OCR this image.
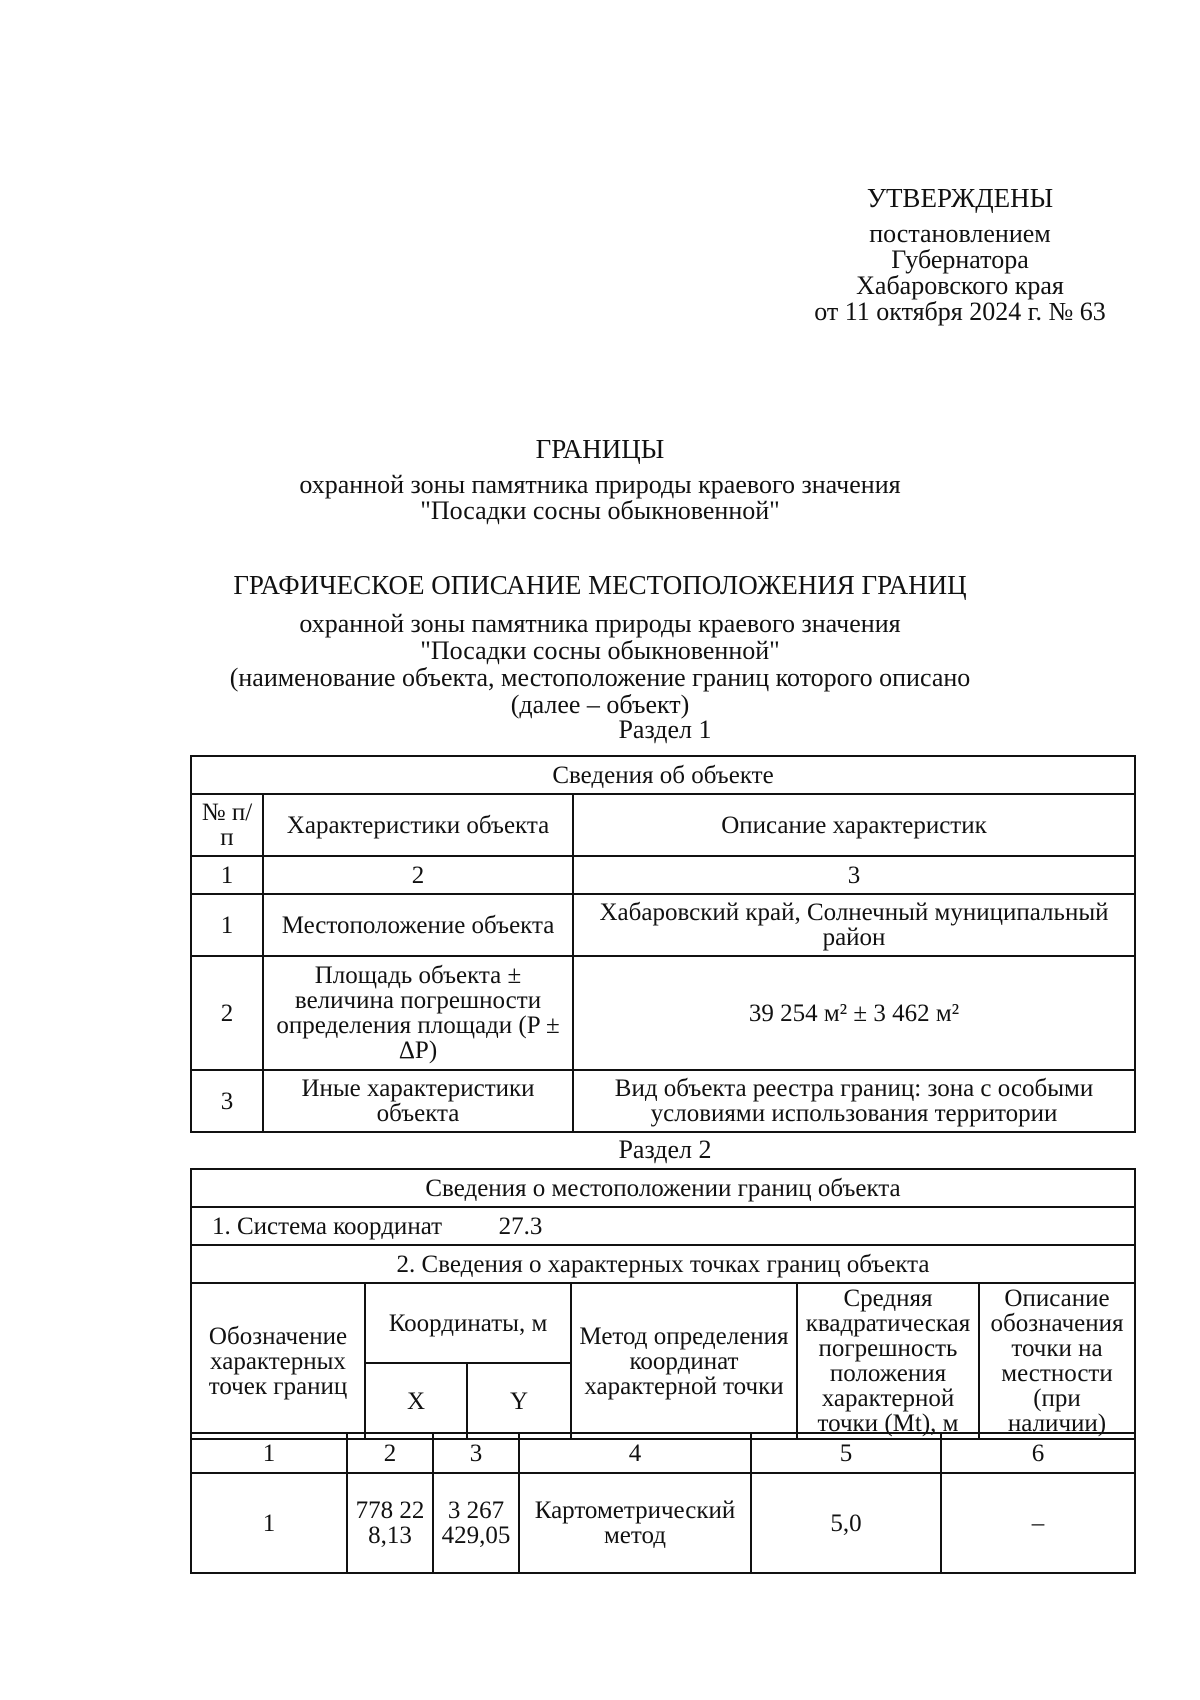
УТВЕРЖДЕНЫ
постановлением
Губернатора
Хабаровского края
от 11 октября 2024 г. № 63
ГРАНИЦЫ
охранной зоны памятника природы краевого значения
"Посадки сосны обыкновенной"
ГРАФИЧЕСКОЕ ОПИСАНИЕ МЕСТОПОЛОЖЕНИЯ ГРАНИЦ
охранной зоны памятника природы краевого значения
"Посадки сосны обыкновенной"
(наименование объекта, местоположение границ которого описано
(далее – объект)
Раздел 1
Сведения об объекте		
№ п/п	Характеристики объекта	Описание характеристик
1	2	3
1	Местоположение объекта	Хабаровский край, Солнечный муниципальный район
2	Площадь объекта ± величина погрешности определения площади (P ± ΔP)	39 254 м² ± 3 462 м²
3	Иные характеристики объекта	Вид объекта реестра границ: зона с особыми условиями использования территории
Раздел 2
Сведения о местоположении границ объекта					
1. Система координат 27.3					
2. Сведения о характерных точках границ объекта					
Обозначение характерных точек границ	Координаты, м		Метод определения координат характерной точки	Средняя квадратическая погрешность положения характерной точки (Mt), м	Описание обозначения точки на местности (при наличии)
	X	Y			
1	2	3	4	5	6
1	778 228,13	3 267 429,05	Картометрический метод	5,0	–
